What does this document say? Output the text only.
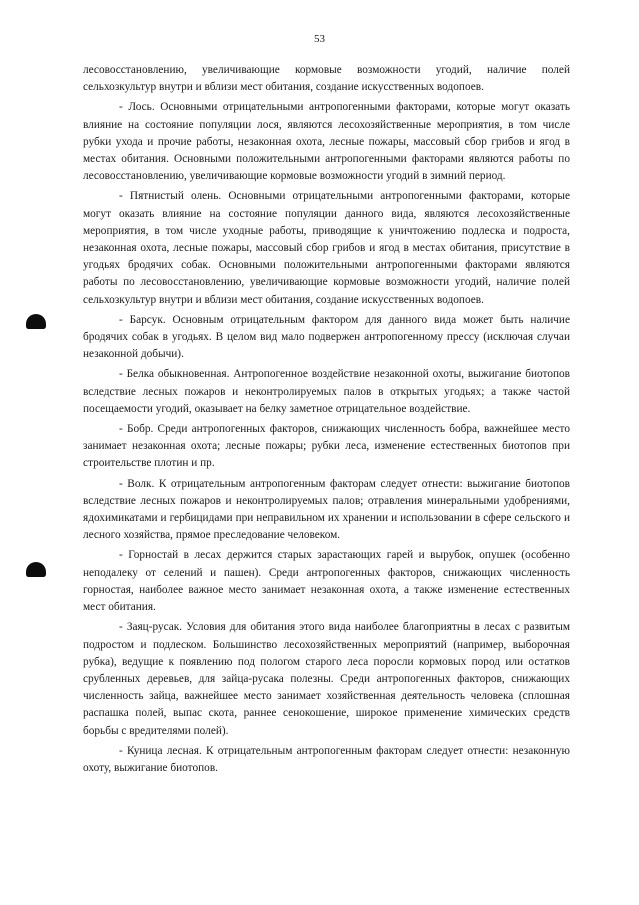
53

лесовосстановлению, увеличивающие кормовые возможности угодий, наличие полей сельхозкультур внутри и вблизи мест обитания, создание искусственных водопоев.

- Лось. Основными отрицательными антропогенными факторами, которые могут оказать влияние на состояние популяции лося, являются лесохозяйственные мероприятия, в том числе рубки ухода и прочие работы, незаконная охота, лесные пожары, массовый сбор грибов и ягод в местах обитания. Основными положительными антропогенными факторами являются работы по лесовосстановлению, увеличивающие кормовые возможности угодий в зимний период.

- Пятнистый олень. Основными отрицательными антропогенными факторами, которые могут оказать влияние на состояние популяции данного вида, являются лесохозяйственные мероприятия, в том числе уходные работы, приводящие к уничтожению подлеска и подроста, незаконная охота, лесные пожары, массовый сбор грибов и ягод в местах обитания, присутствие в угодьях бродячих собак. Основными положительными антропогенными факторами являются работы по лесовосстановлению, увеличивающие кормовые возможности угодий, наличие полей сельхозкультур внутри и вблизи мест обитания, создание искусственных водопоев.

- Барсук. Основным отрицательным фактором для данного вида может быть наличие бродячих собак в угодьях. В целом вид мало подвержен антропогенному прессу (исключая случаи незаконной добычи).

- Белка обыкновенная. Антропогенное воздействие незаконной охоты, выжигание биотопов вследствие лесных пожаров и неконтролируемых палов в открытых угодьях; а также частой посещаемости угодий, оказывает на белку заметное отрицательное воздействие.

- Бобр. Среди антропогенных факторов, снижающих численность бобра, важнейшее место занимает незаконная охота; лесные пожары; рубки леса, изменение естественных биотопов при строительстве плотин и пр.

- Волк. К отрицательным антропогенным факторам следует отнести: выжигание биотопов вследствие лесных пожаров и неконтролируемых палов; отравления минеральными удобрениями, ядохимикатами и гербицидами при неправильном их хранении и использовании в сфере сельского и лесного хозяйства, прямое преследование человеком.

- Горностай в лесах держится старых зарастающих гарей и вырубок, опушек (особенно неподалеку от селений и пашен). Среди антропогенных факторов, снижающих численность горностая, наиболее важное место занимает незаконная охота, а также изменение естественных мест обитания.

- Заяц-русак. Условия для обитания этого вида наиболее благоприятны в лесах с развитым подростом и подлеском. Большинство лесохозяйственных мероприятий (например, выборочная рубка), ведущие к появлению под пологом старого леса поросли кормовых пород или остатков срубленных деревьев, для зайца-русака полезны. Среди антропогенных факторов, снижающих численность зайца, важнейшее место занимает хозяйственная деятельность человека (сплошная распашка полей, выпас скота, раннее сенокошение, широкое применение химических средств борьбы с вредителями полей).

- Куница лесная. К отрицательным антропогенным факторам следует отнести: незаконную охоту, выжигание биотопов.
